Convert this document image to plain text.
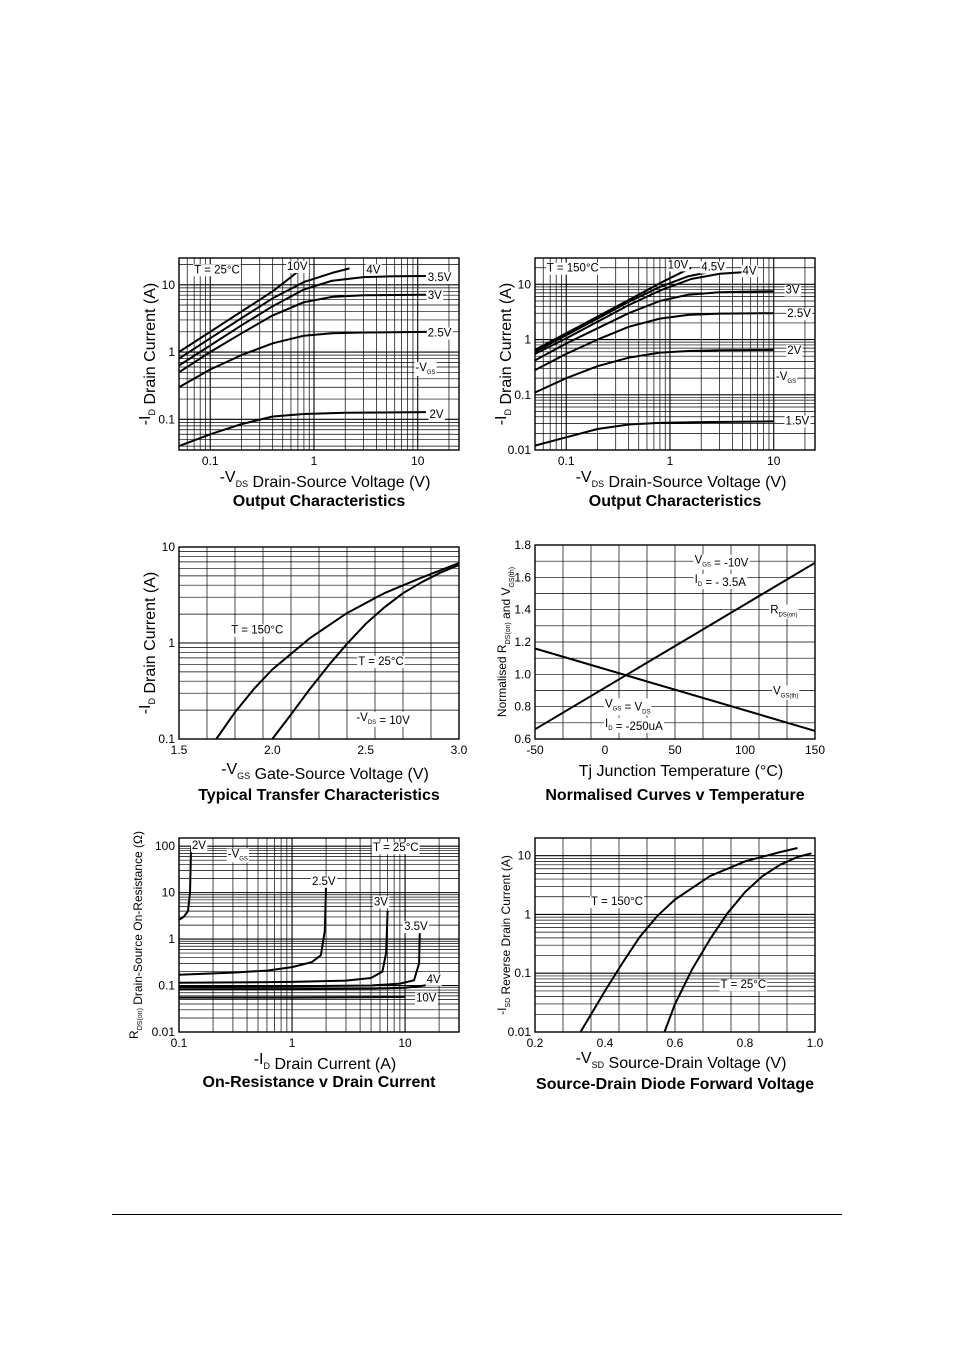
0.1	1	10
0.1
1
10
10V	4V
3.5V
3V
2.5V
2V
T = 25°C
$-V_{GS}$
$-V_{DS}$ Drain-Source Voltage (V)
$-I_D$ Drain Current (A)
Output Characteristics
0.1	1	10
0.01
0.1
1
10
10V 4.5V 4V
3V
2.5V
2V
1.5V
T = 150°C
$-V_{GS}$
$-V_{DS}$ Drain-Source Voltage (V)
$-I_D$ Drain Current (A)
Output Characteristics
1.5	2.0	2.5	3.0
0.1
1
10
T = 150°C
T = 25°C
$-V_{DS} = 10V$
$-V_{GS}$ Gate-Source Voltage (V)
$-I_D$ Drain Current (A)
Typical Transfer Characteristics
-50	0	50	100	150
0.6
0.8
1.0
1.2
1.4
1.6
1.8
$R_{DS(on)}$
$V_{GS(th)}$
$V_{GS} = -10V$
$I_D$ = - 3.5A
$V_{GS} = V_{DS}$
$I_D = -250uA$
Tj Junction Temperature (°C)
Normalised $R_{DS(on)}$ and $V_{GS(th)}$
Normalised Curves v Temperature
0.1	1	10
0.01
0.1
1
10
100 2V
2.5V
3V
3.5V
4V
10V
T = 25°C
$-V_{GS}$
$-I_D$ Drain Current (A)
$R_{DS(on)}$ Drain-Source On-Resistance (Ω)
On-Resistance v Drain Current
0.2	0.4	0.6	0.8	1.0
0.01
0.1
1
10
T = 150°C
T = 25°C
$-V_{SD}$ Source-Drain Voltage (V)
$-I_{SD}$ Reverse Drain Current (A)
Source-Drain Diode Forward Voltage
